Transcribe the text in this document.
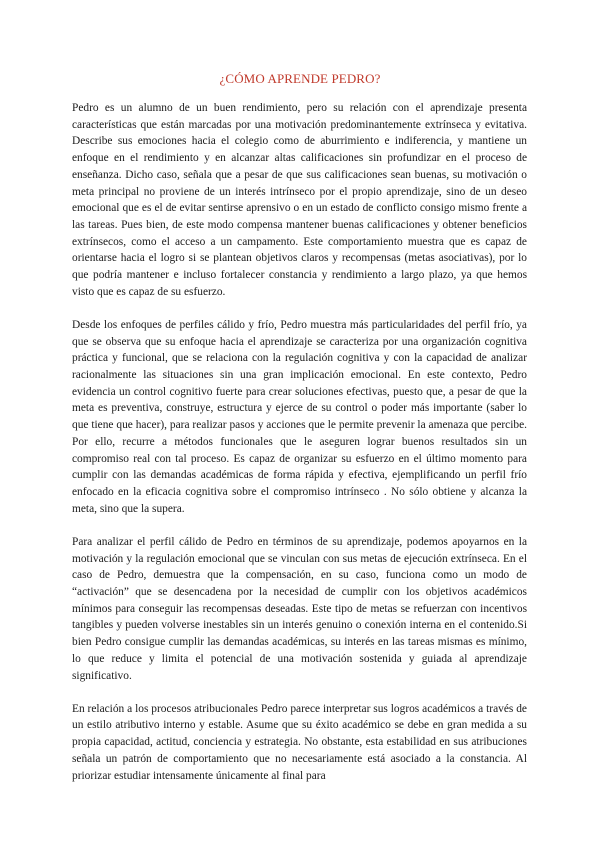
¿CÓMO APRENDE PEDRO?

Pedro es un alumno de un buen rendimiento, pero su relación con el aprendizaje presenta características que están marcadas por una motivación predominantemente extrínseca y evitativa. Describe sus emociones hacia el colegio como de aburrimiento e indiferencia, y mantiene un enfoque en el rendimiento y en alcanzar altas calificaciones sin profundizar en el proceso de enseñanza. Dicho caso, señala que a pesar de que sus calificaciones sean buenas, su motivación o meta principal no proviene de un interés intrínseco por el propio aprendizaje, sino de un deseo emocional que es el de evitar sentirse aprensivo o en un estado de conflicto consigo mismo frente a las tareas. Pues bien, de este modo compensa mantener buenas calificaciones y obtener beneficios extrínsecos, como el acceso a un campamento. Este comportamiento muestra que es capaz de orientarse hacia el logro si se plantean objetivos claros y recompensas (metas asociativas), por lo que podría mantener e incluso fortalecer constancia y rendimiento a largo plazo, ya que hemos visto que es capaz de su esfuerzo.

Desde los enfoques de perfiles cálido y frío, Pedro muestra más particularidades del perfil frío, ya que se observa que su enfoque hacia el aprendizaje se caracteriza por una organización cognitiva práctica y funcional, que se relaciona con la regulación cognitiva y con la capacidad de analizar racionalmente las situaciones sin una gran implicación emocional. En este contexto, Pedro evidencia un control cognitivo fuerte para crear soluciones efectivas, puesto que, a pesar de que la meta es preventiva, construye, estructura y ejerce de su control o poder más importante (saber lo que tiene que hacer), para realizar pasos y acciones que le permite prevenir la amenaza que percibe. Por ello, recurre a métodos funcionales que le aseguren lograr buenos resultados sin un compromiso real con tal proceso. Es capaz de organizar su esfuerzo en el último momento para cumplir con las demandas académicas de forma rápida y efectiva, ejemplificando un perfil frío enfocado en la eficacia cognitiva sobre el compromiso intrínseco . No sólo obtiene y alcanza la meta, sino que la supera.

Para analizar el perfil cálido de Pedro en términos de su aprendizaje, podemos apoyarnos en la motivación y la regulación emocional que se vinculan con sus metas de ejecución extrínseca. En el caso de Pedro, demuestra que la compensación, en su caso, funciona como un modo de “activación” que se desencadena por la necesidad de cumplir con los objetivos académicos mínimos para conseguir las recompensas deseadas. Este tipo de metas se refuerzan con incentivos tangibles y pueden volverse inestables sin un interés genuino o conexión interna en el contenido.Si bien Pedro consigue cumplir las demandas académicas, su interés en las tareas mismas es mínimo, lo que reduce y limita el potencial de una motivación sostenida y guiada al aprendizaje significativo.

En relación a los procesos atribucionales Pedro parece interpretar sus logros académicos a través de un estilo atributivo interno y estable. Asume que su éxito académico se debe en gran medida a su propia capacidad, actitud, conciencia y estrategia. No obstante, esta estabilidad en sus atribuciones señala un patrón de comportamiento que no necesariamente está asociado a la constancia. Al priorizar estudiar intensamente únicamente al final para
